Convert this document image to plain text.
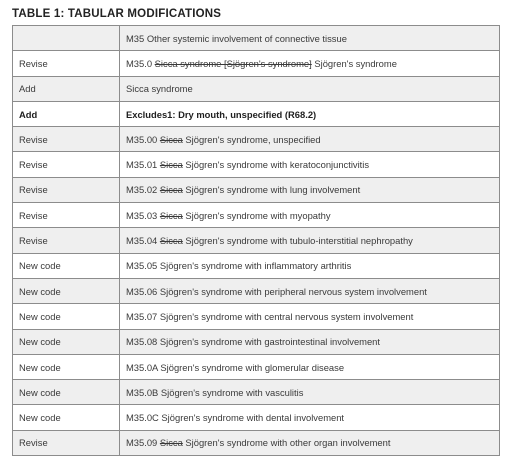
TABLE 1: TABULAR MODIFICATIONS
	M35 Other systemic involvement of connective tissue
Revise	M35.0 Sicca syndrome [Sjögren's syndrome] Sjögren's syndrome
Add	Sicca syndrome
Add	Excludes1: Dry mouth, unspecified (R68.2)
Revise	M35.00 Sicca Sjögren's syndrome, unspecified
Revise	M35.01 Sicca Sjögren's syndrome with keratoconjunctivitis
Revise	M35.02 Sicca Sjögren's syndrome with lung involvement
Revise	M35.03 Sicca Sjögren's syndrome with myopathy
Revise	M35.04 Sicca Sjögren's syndrome with tubulo-interstitial nephropathy
New code	M35.05 Sjögren's syndrome with inflammatory arthritis
New code	M35.06 Sjögren's syndrome with peripheral nervous system involvement
New code	M35.07 Sjögren's syndrome with central nervous system involvement
New code	M35.08 Sjögren's syndrome with gastrointestinal involvement
New code	M35.0A Sjögren's syndrome with glomerular disease
New code	M35.0B Sjögren's syndrome with vasculitis
New code	M35.0C Sjögren's syndrome with dental involvement
Revise	M35.09 Sicca Sjögren's syndrome with other organ involvement
